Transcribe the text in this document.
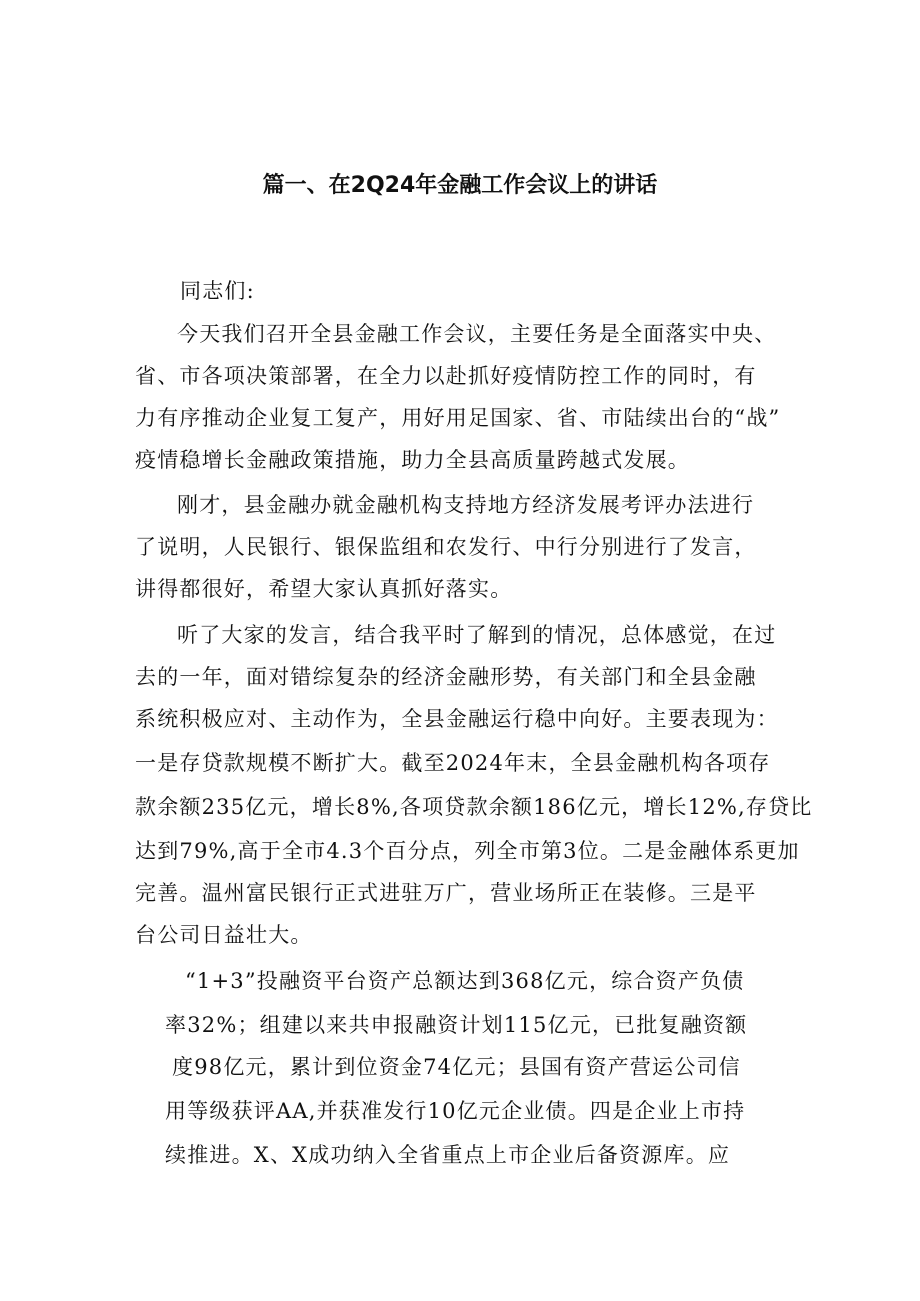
篇一、在2Q24年金融工作会议上的讲话
同志们:
今天我们召开全县金融工作会议，主要任务是全面落实中央、
省、市各项决策部署，在全力以赴抓好疫情防控工作的同时，有
力有序推动企业复工复产，用好用足国家、省、市陆续出台的“战”
疫情稳增长金融政策措施，助力全县高质量跨越式发展。
刚才，县金融办就金融机构支持地方经济发展考评办法进行
了说明，人民银行、银保监组和农发行、中行分别进行了发言，
讲得都很好，希望大家认真抓好落实。
听了大家的发言，结合我平时了解到的情况，总体感觉，在过
去的一年，面对错综复杂的经济金融形势，有关部门和全县金融
系统积极应对、主动作为，全县金融运行稳中向好。主要表现为：
一是存贷款规模不断扩大。截至2024年末，全县金融机构各项存
款余额235亿元，增长8%,各项贷款余额186亿元，增长12%,存贷比
达到79%,高于全市4.3个百分点，列全市第3位。二是金融体系更加
完善。温州富民银行正式进驻万广，营业场所正在装修。三是平
台公司日益壮大。
“1+3”投融资平台资产总额达到368亿元，综合资产负债
率32%；组建以来共申报融资计划115亿元，已批复融资额
度98亿元，累计到位资金74亿元；县国有资产营运公司信
用等级获评AA,并获准发行10亿元企业债。四是企业上市持
续推进。X、X成功纳入全省重点上市企业后备资源库。应
